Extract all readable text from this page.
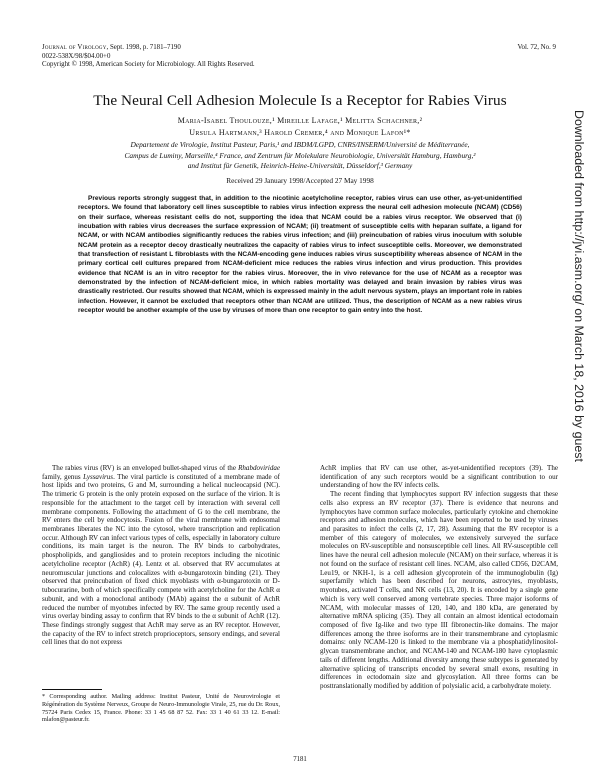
Journal of Virology, Sept. 1998, p. 7181–7190
0022-538X/98/$04.00+0
Copyright © 1998, American Society for Microbiology. All Rights Reserved.
Vol. 72, No. 9
The Neural Cell Adhesion Molecule Is a Receptor for Rabies Virus
Maria-Isabel Thoulouze,¹ Mireille Lafage,¹ Melitta Schachner,²
Ursula Hartmann,³ Harold Cremer,⁴ and Monique Lafon¹*
Departement de Virologie, Institut Pasteur, Paris,¹ and IBDM/LGPD, CNRS/INSERM/Université de Méditerranée,
Campus de Luminy, Marseille,⁴ France, and Zentrum für Molekulare Neurobiologie, Universität Hamburg, Hamburg,²
and Institut für Genetik, Heinrich-Heine-Universität, Düsseldorf,³ Germany
Received 29 January 1998/Accepted 27 May 1998

Previous reports strongly suggest that, in addition to the nicotinic acetylcholine receptor, rabies virus can use other, as-yet-unidentified receptors. We found that laboratory cell lines susceptible to rabies virus infection express the neural cell adhesion molecule (NCAM) (CD56) on their surface, whereas resistant cells do not, supporting the idea that NCAM could be a rabies virus receptor. We observed that (i) incubation with rabies virus decreases the surface expression of NCAM; (ii) treatment of susceptible cells with heparan sulfate, a ligand for NCAM, or with NCAM antibodies significantly reduces the rabies virus infection; and (iii) preincubation of rabies virus inoculum with soluble NCAM protein as a receptor decoy drastically neutralizes the capacity of rabies virus to infect susceptible cells. Moreover, we demonstrated that transfection of resistant L fibroblasts with the NCAM-encoding gene induces rabies virus susceptibility whereas absence of NCAM in the primary cortical cell cultures prepared from NCAM-deficient mice reduces the rabies virus infection and virus production. This provides evidence that NCAM is an in vitro receptor for the rabies virus. Moreover, the in vivo relevance for the use of NCAM as a receptor was demonstrated by the infection of NCAM-deficient mice, in which rabies mortality was delayed and brain invasion by rabies virus was drastically restricted. Our results showed that NCAM, which is expressed mainly in the adult nervous system, plays an important role in rabies infection. However, it cannot be excluded that receptors other than NCAM are utilized. Thus, the description of NCAM as a new rabies virus receptor would be another example of the use by viruses of more than one receptor to gain entry into the host.

The rabies virus (RV) is an enveloped bullet-shaped virus of the Rhabdoviridae family, genus Lyssavirus. The viral particle is constituted of a membrane made of host lipids and two proteins, G and M, surrounding a helical nucleocapsid (NC). The trimeric G protein is the only protein exposed on the surface of the virion. It is responsible for the attachment to the target cell by interaction with several cell membrane components. Following the attachment of G to the cell membrane, the RV enters the cell by endocytosis. Fusion of the viral membrane with endosomal membranes liberates the NC into the cytosol, where transcription and replication occur. Although RV can infect various types of cells, especially in laboratory culture conditions, its main target is the neuron. The RV binds to carbohydrates, phospholipids, and gangliosides and to protein receptors including the nicotinic acetylcholine receptor (AchR) (4). Lentz et al. observed that RV accumulates at neuromuscular junctions and colocalizes with α-bungarotoxin binding (21). They observed that preincubation of fixed chick myoblasts with α-bungarotoxin or D-tubocurarine, both of which specifically compete with acetylcholine for the AchR α subunit, and with a monoclonal antibody (MAb) against the α subunit of AchR reduced the number of myotubes infected by RV. The same group recently used a virus overlay binding assay to confirm that RV binds to the α subunit of AchR (12). These findings strongly suggest that AchR may serve as an RV receptor. However, the capacity of the RV to infect stretch proprioceptors, sensory endings, and several cell lines that do not express

AchR implies that RV can use other, as-yet-unidentified receptors (39). The identification of any such receptors would be a significant contribution to our understanding of how the RV infects cells.

The recent finding that lymphocytes support RV infection suggests that these cells also express an RV receptor (37). There is evidence that neurons and lymphocytes have common surface molecules, particularly cytokine and chemokine receptors and adhesion molecules, which have been reported to be used by viruses and parasites to infect the cells (2, 17, 28). Assuming that the RV receptor is a member of this category of molecules, we extensively surveyed the surface molecules on RV-susceptible and nonsusceptible cell lines. All RV-susceptible cell lines have the neural cell adhesion molecule (NCAM) on their surface, whereas it is not found on the surface of resistant cell lines. NCAM, also called CD56, D2CAM, Leu19, or NKH-1, is a cell adhesion glycoprotein of the immunoglobulin (Ig) superfamily which has been described for neurons, astrocytes, myoblasts, myotubes, activated T cells, and NK cells (13, 20). It is encoded by a single gene which is very well conserved among vertebrate species. Three major isoforms of NCAM, with molecular masses of 120, 140, and 180 kDa, are generated by alternative mRNA splicing (35). They all contain an almost identical ectodomain composed of five Ig-like and two type III fibronectin-like domains. The major differences among the three isoforms are in their transmembrane and cytoplasmic domains: only NCAM-120 is linked to the membrane via a phosphatidylinositol-glycan transmembrane anchor, and NCAM-140 and NCAM-180 have cytoplasmic tails of different lengths. Additional diversity among these subtypes is generated by alternative splicing of transcripts encoded by several small exons, resulting in differences in ectodomain size and glycosylation. All three forms can be posttranslationally modified by addition of polysialic acid, a carbohydrate moiety.

* Corresponding author. Mailing address: Institut Pasteur, Unité de Neurovirologie et Régénération du Système Nerveux, Groupe de Neuro-Immunologie Virale, 25, rue du Dr. Roux, 75724 Paris Cedex 15, France. Phone: 33 1 45 68 87 52. Fax: 33 1 40 61 33 12. E-mail: mlafon@pasteur.fr.
7181
Downloaded from http://jvi.asm.org/ on March 18, 2016 by guest
